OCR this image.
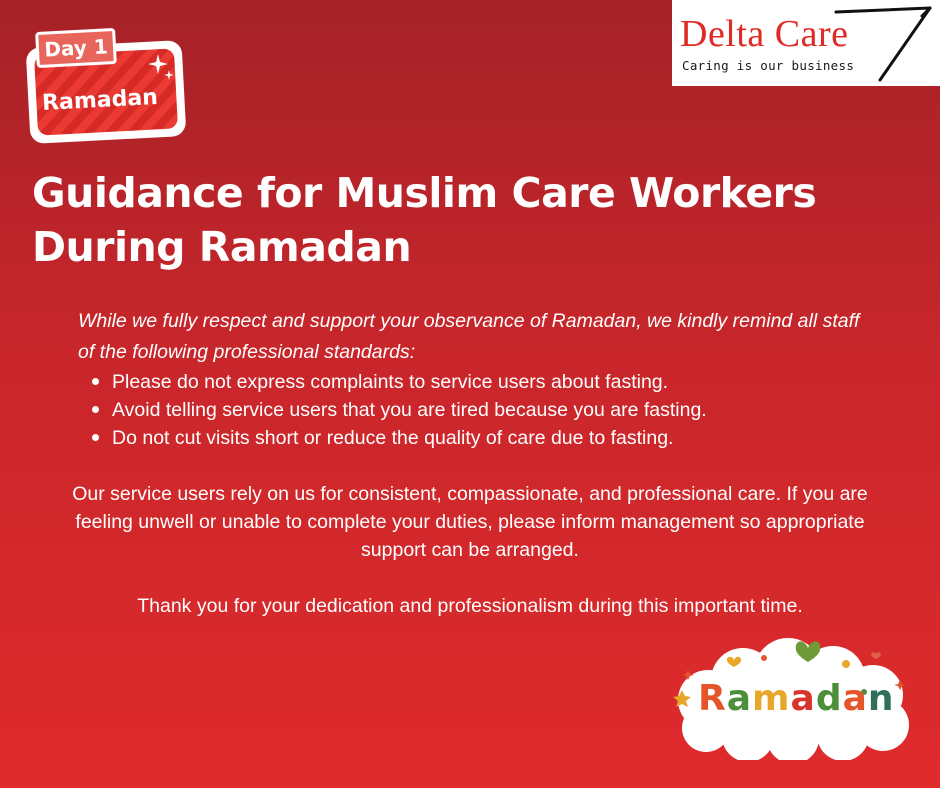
Day 1
Ramadan
Delta Care
Caring is our business
Guidance for Muslim Care Workers During Ramadan

While we fully respect and support your observance of Ramadan, we kindly remind all staff of the following professional standards:

Please do not express complaints to service users about fasting.
Avoid telling service users that you are tired because you are fasting.
Do not cut visits short or reduce the quality of care due to fasting.

Our service users rely on us for consistent, compassionate, and professional care. If you are feeling unwell or unable to complete your duties, please inform management so appropriate support can be arranged.

Thank you for your dedication and professionalism during this important time.

Ramadan
